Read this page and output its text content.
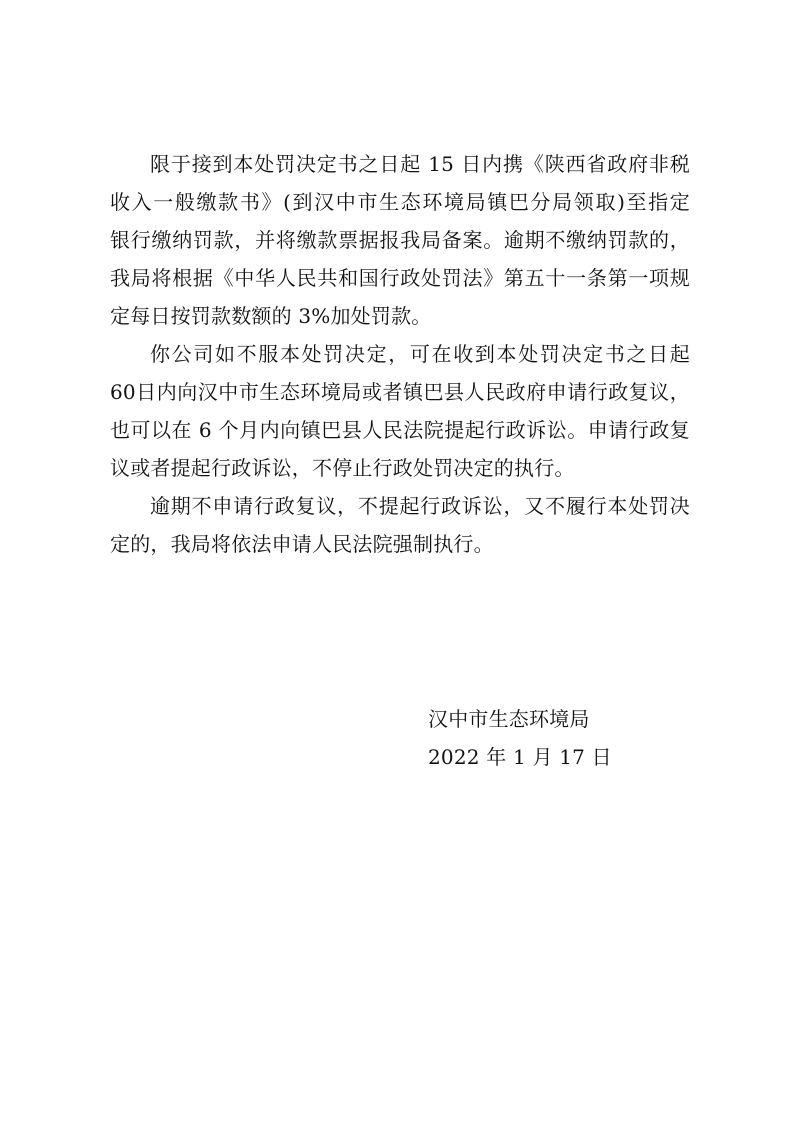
限于接到本处罚决定书之日起 15 日内携《陕西省政府非税
收入一般缴款书》(到汉中市生态环境局镇巴分局领取)至指定
银行缴纳罚款，并将缴款票据报我局备案。逾期不缴纳罚款的，
我局将根据《中华人民共和国行政处罚法》第五十一条第一项规
定每日按罚款数额的 3%加处罚款。
你公司如不服本处罚决定，可在收到本处罚决定书之日起
60日内向汉中市生态环境局或者镇巴县人民政府申请行政复议，
也可以在 6 个月内向镇巴县人民法院提起行政诉讼。申请行政复
议或者提起行政诉讼，不停止行政处罚决定的执行。
逾期不申请行政复议，不提起行政诉讼，又不履行本处罚决
定的，我局将依法申请人民法院强制执行。
汉中市生态环境局
2022 年 1 月 17 日
